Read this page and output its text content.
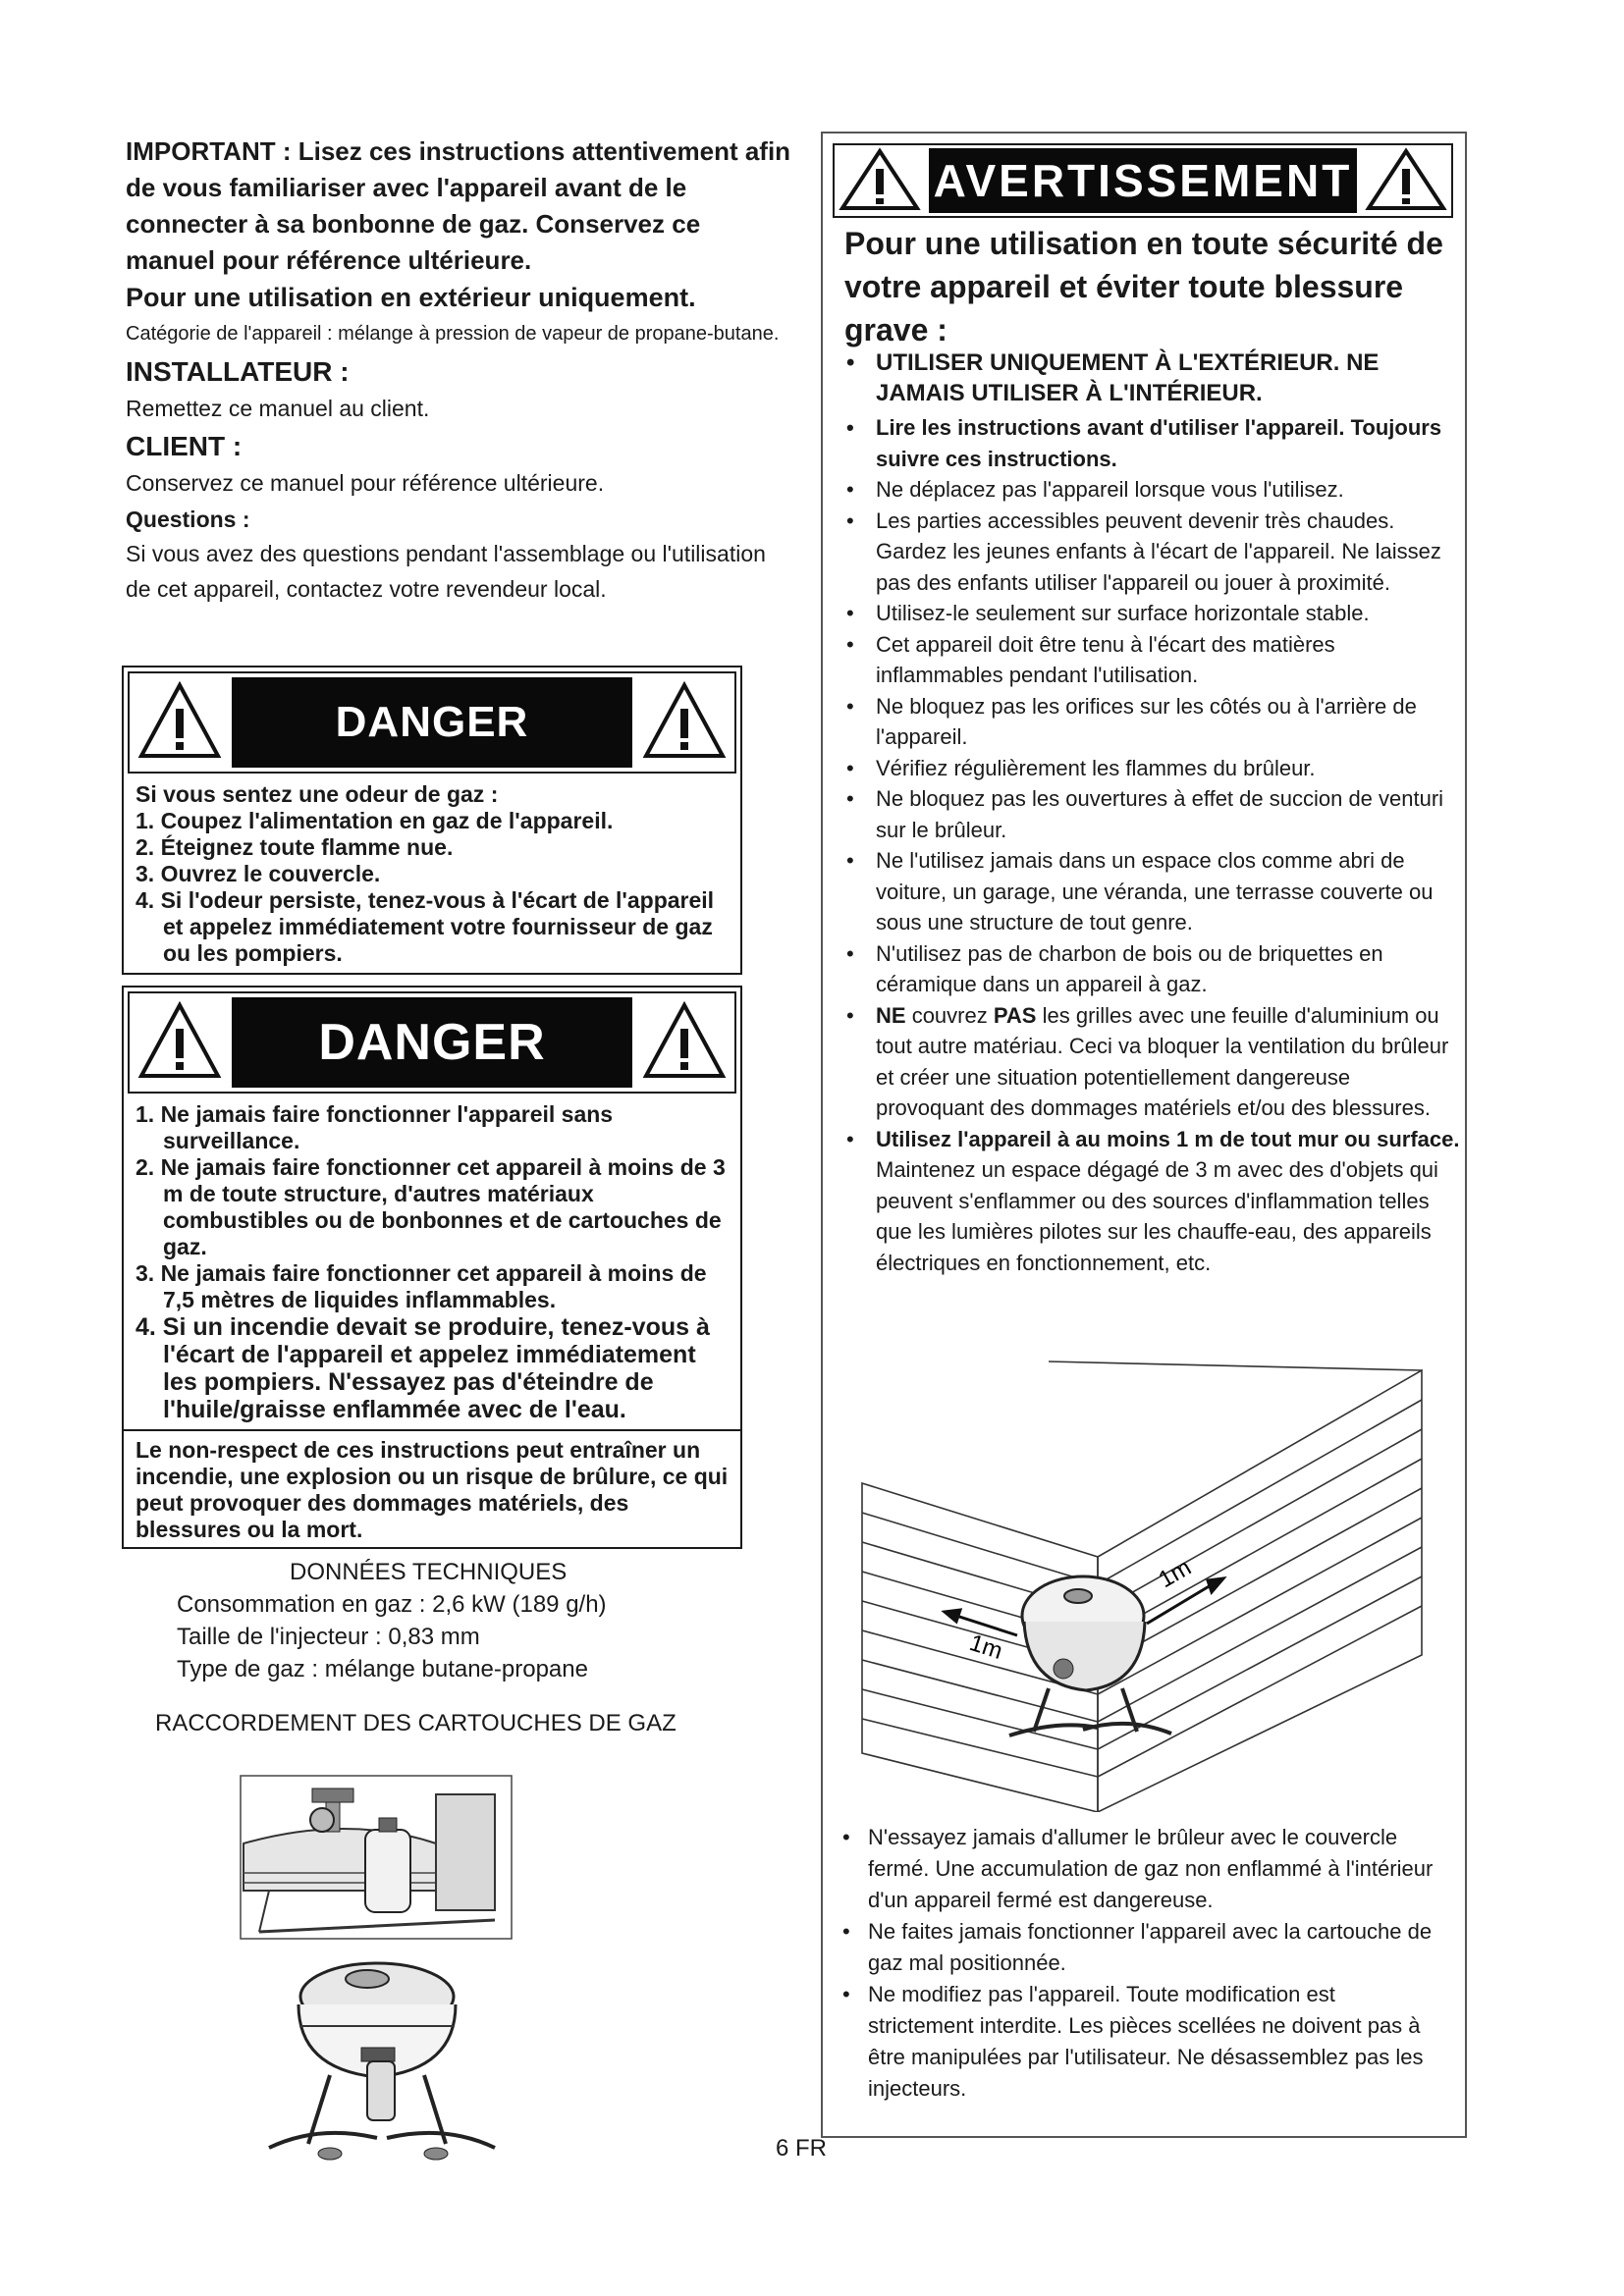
IMPORTANT : Lisez ces instructions attentivement afin de vous familiariser avec l'appareil avant de le connecter à sa bonbonne de gaz. Conservez ce manuel pour référence ultérieure.
Pour une utilisation en extérieur uniquement.
Catégorie de l'appareil : mélange à pression de vapeur de propane-butane.
INSTALLATEUR :
Remettez ce manuel au client.
CLIENT :
Conservez ce manuel pour référence ultérieure.
Questions :
Si vous avez des questions pendant l'assemblage ou l'utilisation de cet appareil, contactez votre revendeur local.
DANGER
Si vous sentez une odeur de gaz :
1. Coupez l'alimentation en gaz de l'appareil.
2. Éteignez toute flamme nue.
3. Ouvrez le couvercle.
4. Si l'odeur persiste, tenez-vous à l'écart de l'appareil et appelez immédiatement votre fournisseur de gaz ou les pompiers.
DANGER
1. Ne jamais faire fonctionner l'appareil sans surveillance.
2. Ne jamais faire fonctionner cet appareil à moins de 3 m de toute structure, d'autres matériaux combustibles ou de bonbonnes et de cartouches de gaz.
3. Ne jamais faire fonctionner cet appareil à moins de 7,5 mètres de liquides inflammables.
4. Si un incendie devait se produire, tenez-vous à l'écart de l'appareil et appelez immédiatement les pompiers. N'essayez pas d'éteindre de l'huile/graisse enflammée avec de l'eau.
Le non-respect de ces instructions peut entraîner un incendie, une explosion ou un risque de brûlure, ce qui peut provoquer des dommages matériels, des blessures ou la mort.
DONNÉES TECHNIQUES
Consommation en gaz : 2,6 kW (189 g/h)
Taille de l'injecteur : 0,83 mm
Type de gaz : mélange butane-propane
RACCORDEMENT DES CARTOUCHES DE GAZ
AVERTISSEMENT
Pour une utilisation en toute sécurité de votre appareil et éviter toute blessure grave :
• UTILISER UNIQUEMENT À L'EXTÉRIEUR. NE JAMAIS UTILISER À L'INTÉRIEUR.
• Lire les instructions avant d'utiliser l'appareil. Toujours suivre ces instructions.
• Ne déplacez pas l'appareil lorsque vous l'utilisez.
• Les parties accessibles peuvent devenir très chaudes. Gardez les jeunes enfants à l'écart de l'appareil. Ne laissez pas des enfants utiliser l'appareil ou jouer à proximité.
• Utilisez-le seulement sur surface horizontale stable.
• Cet appareil doit être tenu à l'écart des matières inflammables pendant l'utilisation.
• Ne bloquez pas les orifices sur les côtés ou à l'arrière de l'appareil.
• Vérifiez régulièrement les flammes du brûleur.
• Ne bloquez pas les ouvertures à effet de succion de venturi sur le brûleur.
• Ne l'utilisez jamais dans un espace clos comme abri de voiture, un garage, une véranda, une terrasse couverte ou sous une structure de tout genre.
• N'utilisez pas de charbon de bois ou de briquettes en céramique dans un appareil à gaz.
• NE couvrez PAS les grilles avec une feuille d'aluminium ou tout autre matériau. Ceci va bloquer la ventilation du brûleur et créer une situation potentiellement dangereuse provoquant des dommages matériels et/ou des blessures.
• Utilisez l'appareil à au moins 1 m de tout mur ou surface. Maintenez un espace dégagé de 3 m avec des d'objets qui peuvent s'enflammer ou des sources d'inflammation telles que les lumières pilotes sur les chauffe-eau, des appareils électriques en fonctionnement, etc.
1m
1m
• N'essayez jamais d'allumer le brûleur avec le couvercle fermé. Une accumulation de gaz non enflammé à l'intérieur d'un appareil fermé est dangereuse.
• Ne faites jamais fonctionner l'appareil avec la cartouche de gaz mal positionnée.
• Ne modifiez pas l'appareil. Toute modification est strictement interdite. Les pièces scellées ne doivent pas à être manipulées par l'utilisateur. Ne désassemblez pas les injecteurs.
6 FR
